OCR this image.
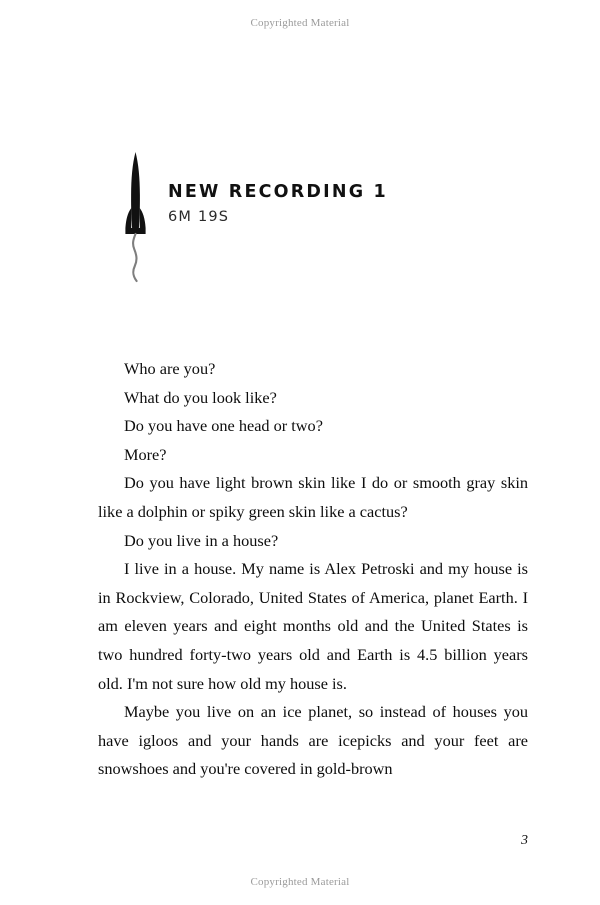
Copyrighted Material
NEW RECORDING 1

6M 19S

Who are you?

What do you look like?

Do you have one head or two?

More?

Do you have light brown skin like I do or smooth gray skin like a dolphin or spiky green skin like a cactus?

Do you live in a house?

I live in a house. My name is Alex Petroski and my house is in Rockview, Colorado, United States of America, planet Earth. I am eleven years and eight months old and the United States is two hundred forty-two years old and Earth is 4.5 billion years old. I'm not sure how old my house is.

Maybe you live on an ice planet, so instead of houses you have igloos and your hands are icepicks and your feet are snowshoes and you're covered in gold-brown

3
Copyrighted Material
